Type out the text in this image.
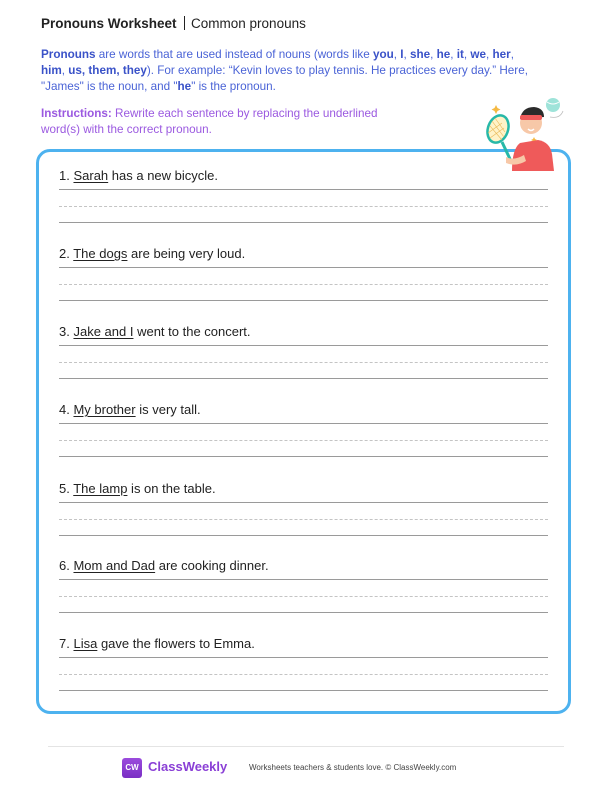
Pronouns Worksheet Common pronouns
Pronouns are words that are used instead of nouns (words like you, I, she, he, it, we, her, him, us, them, they). For example: “Kevin loves to play tennis. He practices every day.” Here, "James" is the noun, and "he" is the pronoun.
Instructions: Rewrite each sentence by replacing the underlined word(s) with the correct pronoun.
1. Sarah has a new bicycle.
2. The dogs are being very loud.
3. Jake and I went to the concert.
4. My brother is very tall.
5. The lamp is on the table.
6. Mom and Dad are cooking dinner.
7. Lisa gave the flowers to Emma.
CW ClassWeekly	Worksheets teachers & students love. © ClassWeekly.com
